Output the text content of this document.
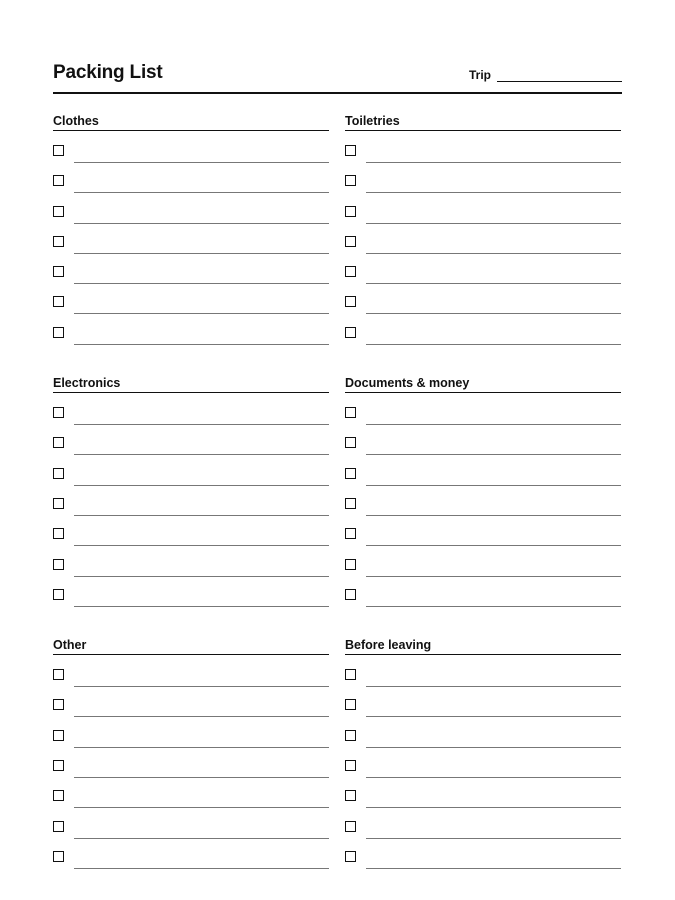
Packing List	Trip
Clothes	Toiletries
Electronics	Documents & money
Other	Before leaving
